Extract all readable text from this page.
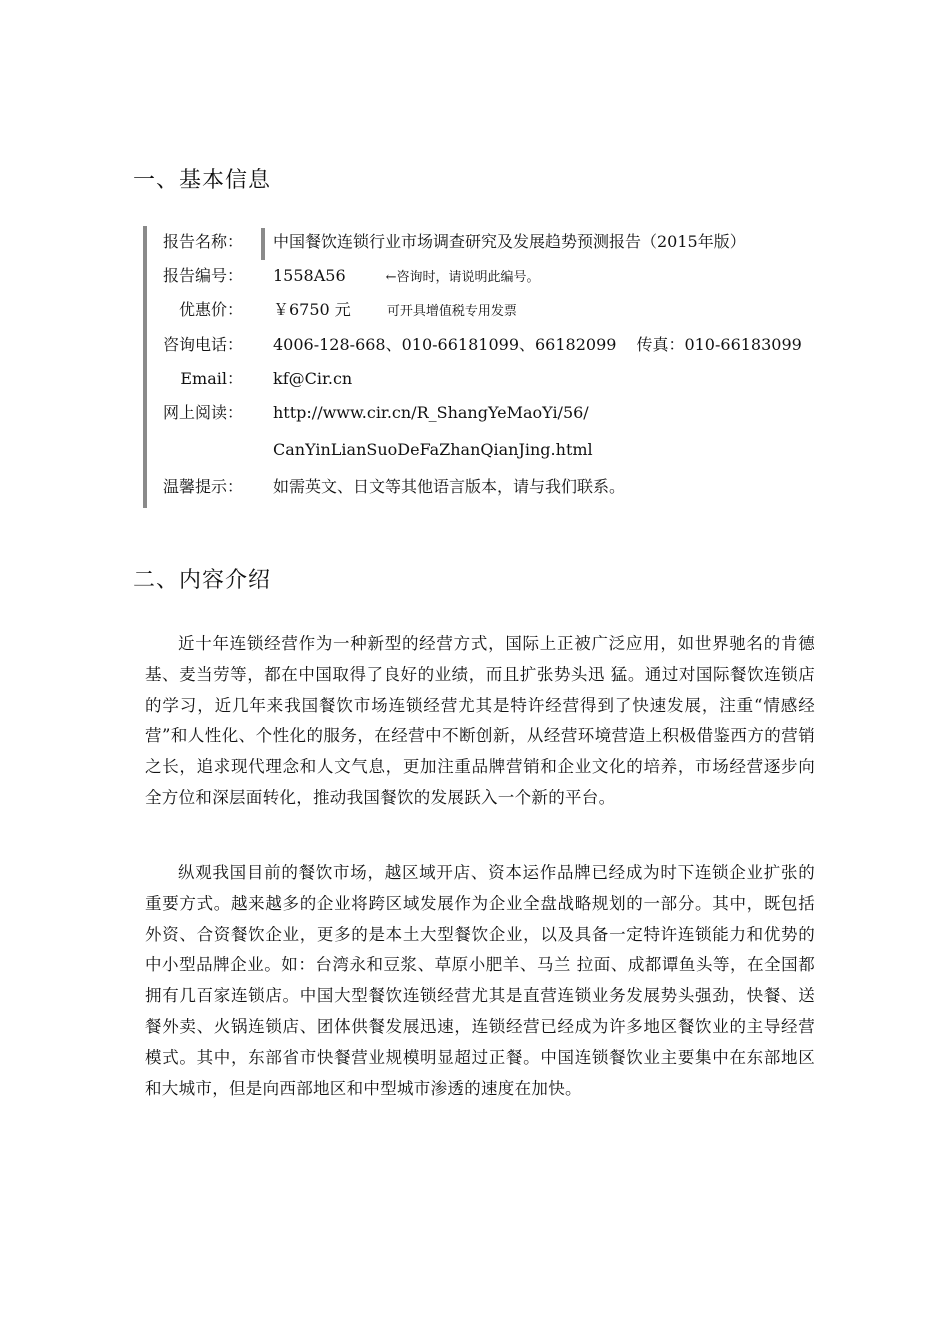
一、基本信息
报告名称： 中国餐饮连锁行业市场调查研究及发展趋势预测报告（2015年版）
报告编号： 1558A56	←咨询时，请说明此编号。
优惠价： ￥6750 元	可开具增值税专用发票
咨询电话： 4006-128-668、010-66181099、66182099 传真：010-66183099
Email： kf@Cir.cn
网上阅读： http://www.cir.cn/R_ShangYeMaoYi/56/
CanYinLianSuoDeFaZhanQianJing.html
温馨提示： 如需英文、日文等其他语言版本，请与我们联系。
二、内容介绍

近十年连锁经营作为一种新型的经营方式，国际上正被广泛应用，如世界驰名的肯德基、麦当劳等，都在中国取得了良好的业绩，而且扩张势头迅 猛。通过对国际餐饮连锁店的学习，近几年来我国餐饮市场连锁经营尤其是特许经营得到了快速发展，注重“情感经营”和人性化、个性化的服务，在经营中不断创新，从经营环境营造上积极借鉴西方的营销之长，追求现代理念和人文气息，更加注重品牌营销和企业文化的培养，市场经营逐步向全方位和深层面转化，推动我国餐饮的发展跃入一个新的平台。

纵观我国目前的餐饮市场，越区域开店、资本运作品牌已经成为时下连锁企业扩张的重要方式。越来越多的企业将跨区域发展作为企业全盘战略规划的一部分。其中，既包括外资、合资餐饮企业，更多的是本土大型餐饮企业，以及具备一定特许连锁能力和优势的中小型品牌企业。如：台湾永和豆浆、草原小肥羊、马兰 拉面、成都谭鱼头等，在全国都拥有几百家连锁店。中国大型餐饮连锁经营尤其是直营连锁业务发展势头强劲，快餐、送餐外卖、火锅连锁店、团体供餐发展迅速，连锁经营已经成为许多地区餐饮业的主导经营模式。其中，东部省市快餐营业规模明显超过正餐。中国连锁餐饮业主要集中在东部地区和大城市，但是向西部地区和中型城市渗透的速度在加快。
